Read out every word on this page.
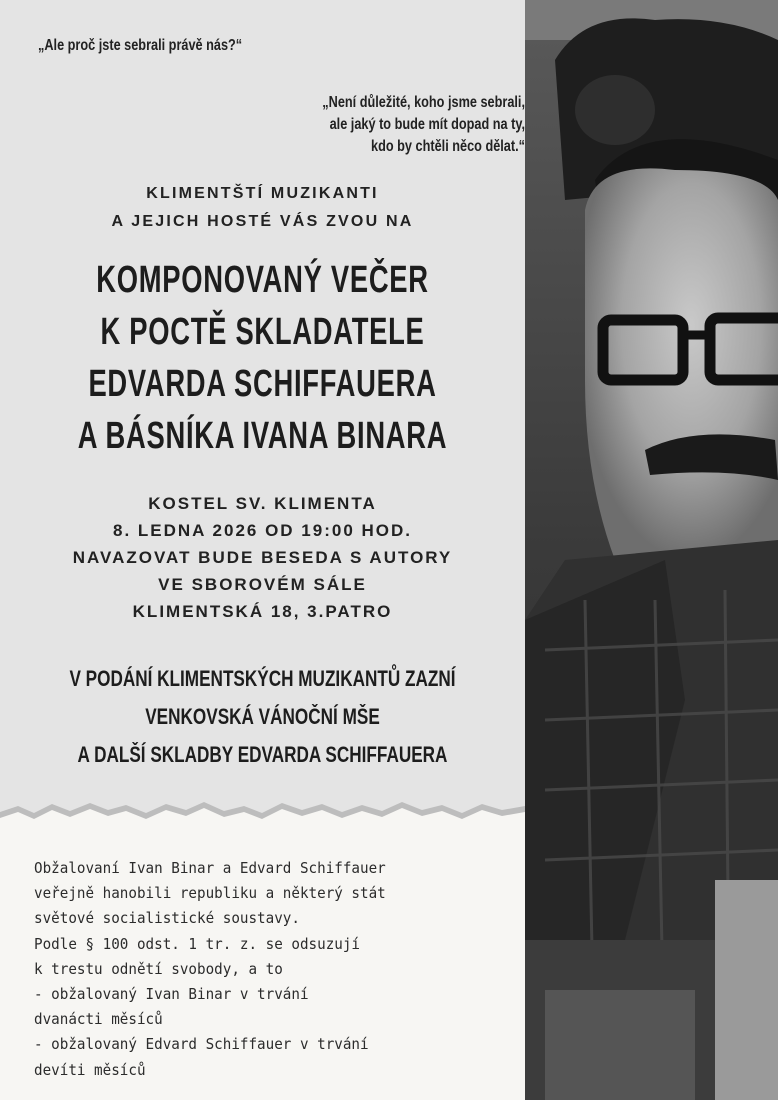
„Ale proč jste sebrali právě nás?“
„Není důležité, koho jsme sebrali,
ale jaký to bude mít dopad na ty,
kdo by chtěli něco dělat.“
KLIMENTŠTÍ MUZIKANTI
A JEJICH HOSTÉ VÁS ZVOU NA
KOMPONOVANÝ VEČER
K POCTĚ SKLADATELE
EDVARDA SCHIFFAUERA
A BÁSNÍKA IVANA BINARA
KOSTEL SV. KLIMENTA
8. LEDNA 2026 OD 19:00 HOD.
NAVAZOVAT BUDE BESEDA S AUTORY
VE SBOROVÉM SÁLE
KLIMENTSKÁ 18, 3.PATRO
V PODÁNÍ KLIMENTSKÝCH MUZIKANTŮ ZAZNÍ
VENKOVSKÁ VÁNOČNÍ MŠE
A DALŠÍ SKLADBY EDVARDA SCHIFFAUERA
Obžalovaní Ivan Binar a Edvard Schiffauer
veřejně hanobili republiku a některý stát
světové socialistické soustavy.
Podle § 100 odst. 1 tr. z. se odsuzují
k trestu odnětí svobody, a to
- obžalovaný Ivan Binar v trvání
dvanácti měsíců
- obžalovaný Edvard Schiffauer v trvání
devíti měsíců
